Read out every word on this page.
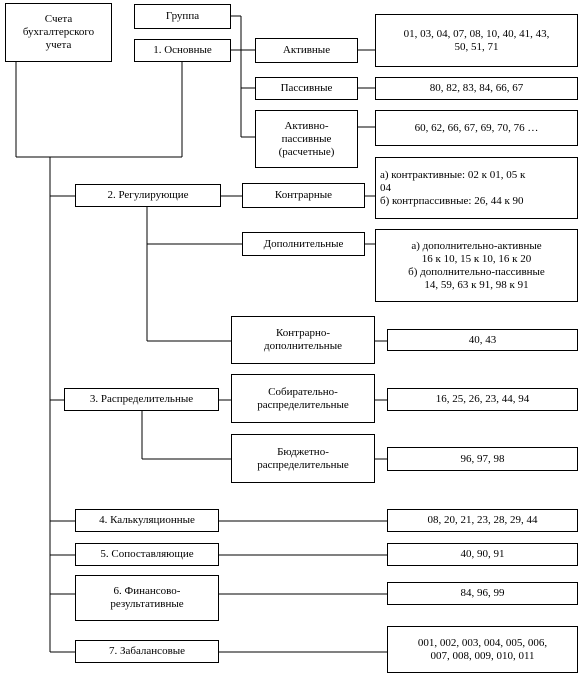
Счета
бухгалтерского
учета
Группа
1. Основные
2. Регулирующие
3. Распределительные
4. Калькуляционные
5. Сопоставляющие
6. Финансово-
результативные
7. Забалансовые
Активные
Пассивные
Активно-
пассивные
(расчетные)
Контрарные
Дополнительные
Контрарно-
дополнительные
Собирательно-
распределительные
Бюджетно-
распределительные
01, 03, 04, 07, 08, 10, 40, 41, 43,
50, 51, 71
80, 82, 83, 84, 66, 67
60, 62, 66, 67, 69, 70, 76 …
а) контрактивные: 02 к 01, 05 к
04
б) контрпассивные: 26, 44 к 90
а) дополнительно-активные
16 к 10, 15 к 10, 16 к 20
б) дополнительно-пассивные
14, 59, 63 к 91, 98 к 91
40, 43
16, 25, 26, 23, 44, 94
96, 97, 98
08, 20, 21, 23, 28, 29, 44
40, 90, 91
84, 96, 99
001, 002, 003, 004, 005, 006,
007, 008, 009, 010, 011
